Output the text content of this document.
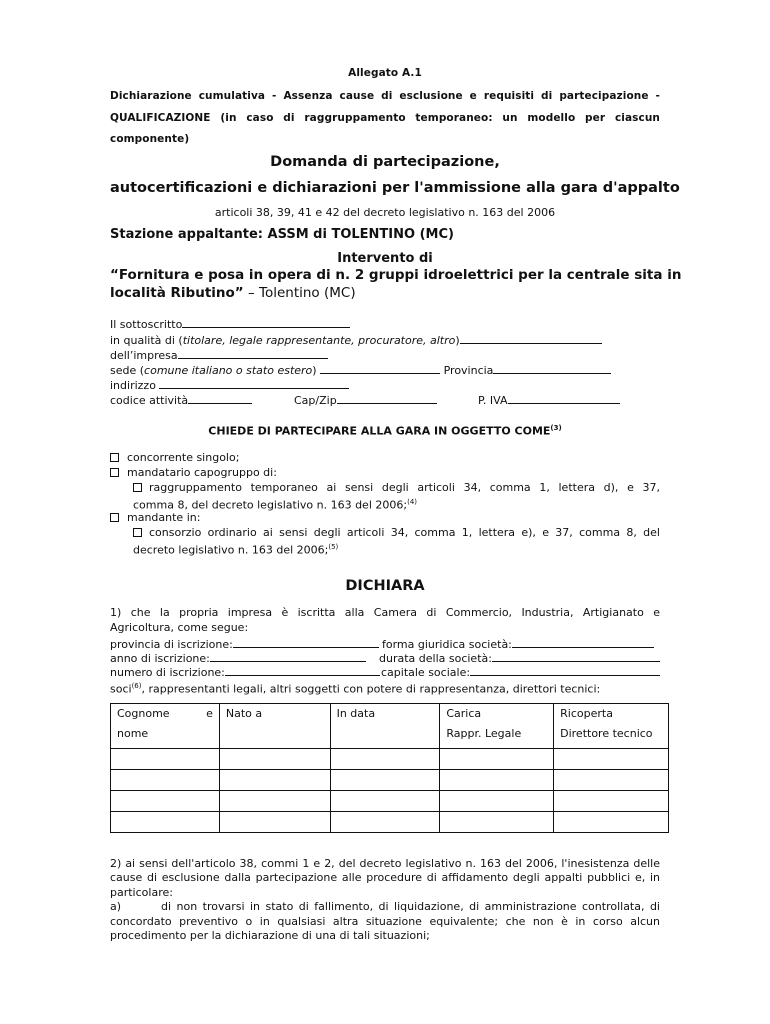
Allegato A.1
Dichiarazione cumulativa - Assenza cause di esclusione e requisiti di partecipazione -
QUALIFICAZIONE (in caso di raggruppamento temporaneo: un modello per ciascun
componente)
Domanda di partecipazione,
autocertificazioni e dichiarazioni per l'ammissione alla gara d'appalto
articoli 38, 39, 41 e 42 del decreto legislativo n. 163 del 2006
Stazione appaltante: ASSM di TOLENTINO (MC)
Intervento di
“Fornitura e posa in opera di n. 2 gruppi idroelettrici per la centrale sita in
località Ributino” – Tolentino (MC)
Il sottoscritto
in qualità di (titolare, legale rappresentante, procuratore, altro)
dell’impresa
sede (comune italiano o stato estero)	Provincia
indirizzo
codice attività	Cap/Zip	P. IVA
CHIEDE DI PARTECIPARE ALLA GARA IN OGGETTO COME$^{(3)}$
concorrente singolo;
mandatario capogruppo di:
raggruppamento temporaneo ai sensi degli articoli 34, comma 1, lettera d), e 37,
comma 8, del decreto legislativo n. 163 del 2006;$^{(4)}$
mandante in:
consorzio ordinario ai sensi degli articoli 34, comma 1, lettera e), e 37, comma 8, del
decreto legislativo n. 163 del 2006;$^{(5)}$
DICHIARA
1) che la propria impresa è iscritta alla Camera di Commercio, Industria, Artigianato e
Agricoltura, come segue:
provincia di iscrizione:	forma giuridica società:
anno di iscrizione:	durata della società:
numero di iscrizione:	capitale sociale:
soci$^{(6)}$, rappresentanti legali, altri soggetti con potere di rappresentanza, direttori tecnici:
Cognome e	Nato a	In data	Carica	Ricoperta
nome			Rappr. Legale	Direttore tecnico

2) ai sensi dell'articolo 38, commi 1 e 2, del decreto legislativo n. 163 del 2006, l'inesistenza delle
cause di esclusione dalla partecipazione alle procedure di affidamento degli appalti pubblici e, in
particolare:
a)	di non trovarsi in stato di fallimento, di liquidazione, di amministrazione controllata, di
concordato preventivo o in qualsiasi altra situazione equivalente; che non è in corso alcun
procedimento per la dichiarazione di una di tali situazioni;
